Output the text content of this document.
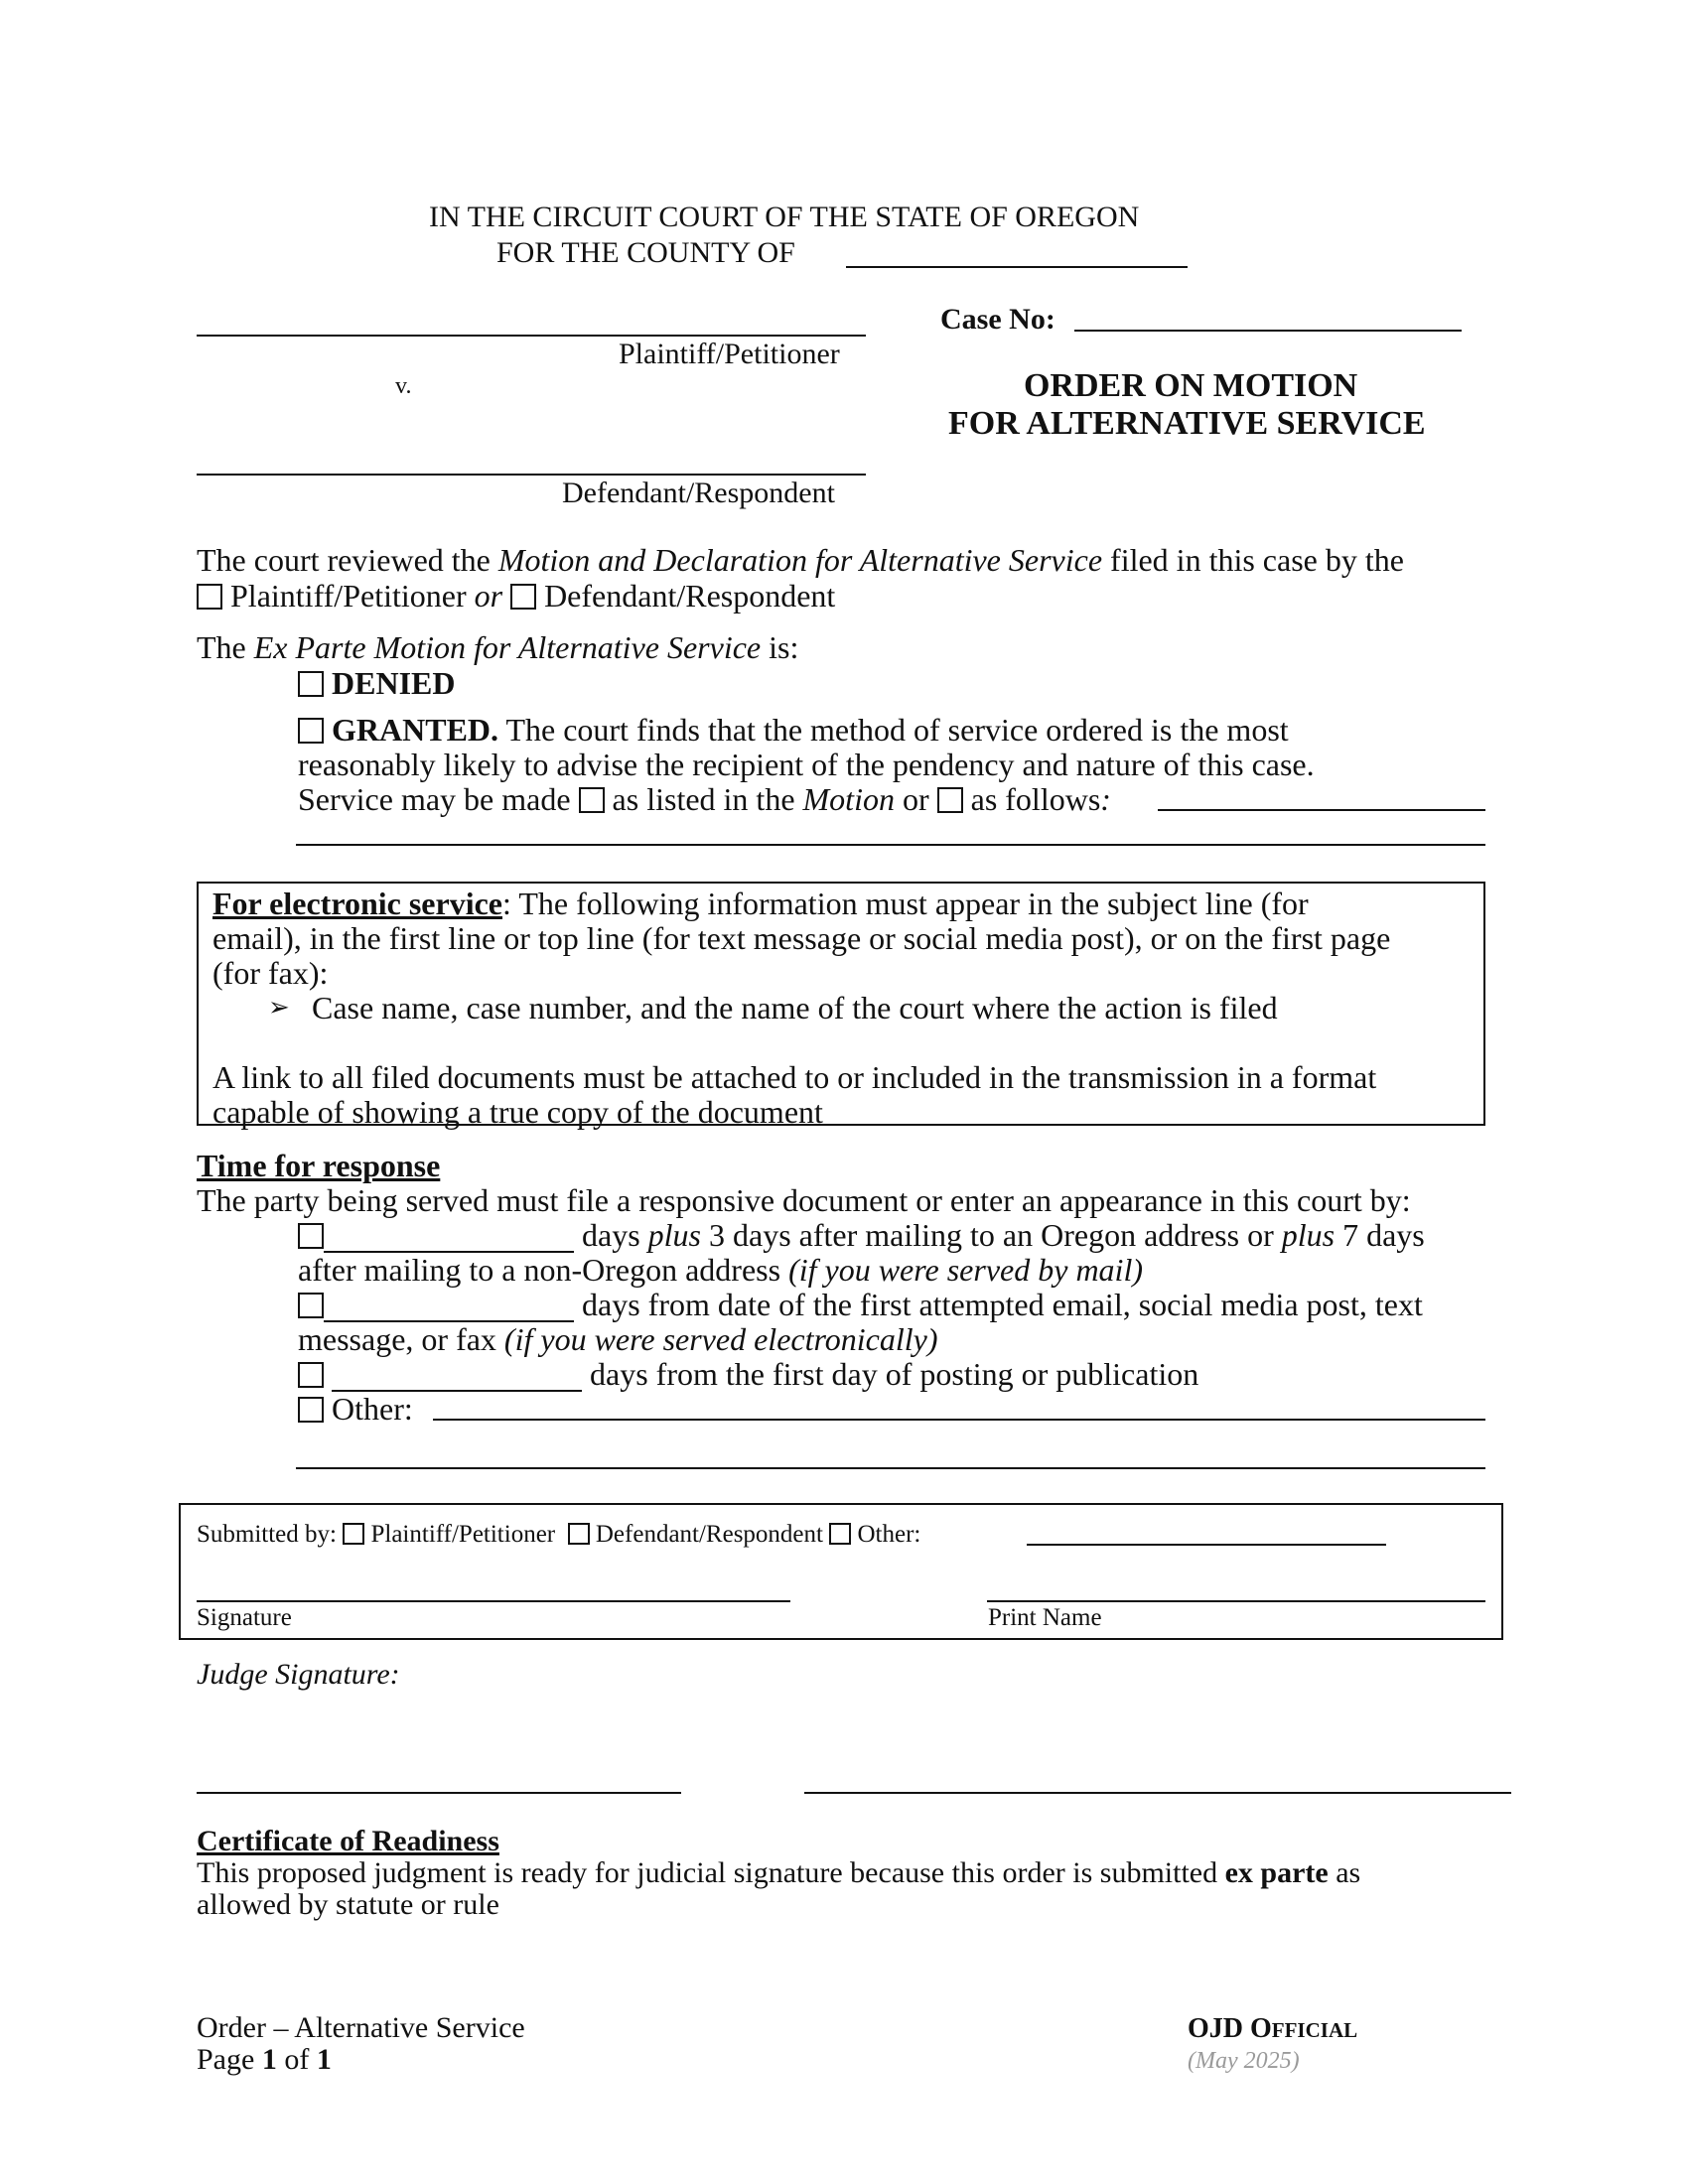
IN THE CIRCUIT COURT OF THE STATE OF OREGON
FOR THE COUNTY OF
Case No:
Plaintiff/Petitioner
v.	ORDER ON MOTION
FOR ALTERNATIVE SERVICE
Defendant/Respondent
The court reviewed the Motion and Declaration for Alternative Service filed in this case by the
Plaintiff/Petitioner or Defendant/Respondent
The Ex Parte Motion for Alternative Service is:
DENIED
GRANTED. The court finds that the method of service ordered is the most
reasonably likely to advise the recipient of the pendency and nature of this case.
Service may be made as listed in the Motion or as follows:
For electronic service: The following information must appear in the subject line (for
email), in the first line or top line (for text message or social media post), or on the first page
(for fax):
➢ Case name, case number, and the name of the court where the action is filed
A link to all filed documents must be attached to or included in the transmission in a format
capable of showing a true copy of the document
Time for response
The party being served must file a responsive document or enter an appearance in this court by:
days plus 3 days after mailing to an Oregon address or plus 7 days
after mailing to a non-Oregon address (if you were served by mail)
days from date of the first attempted email, social media post, text
message, or fax (if you were served electronically)
days from the first day of posting or publication
Other:
Submitted by: Plaintiff/Petitioner Defendant/Respondent Other:
Signature	Print Name
Judge Signature:
Certificate of Readiness
This proposed judgment is ready for judicial signature because this order is submitted ex parte as
allowed by statute or rule
Order – Alternative Service
Page 1 of 1
OJD OFFICIAL
(May 2025)
